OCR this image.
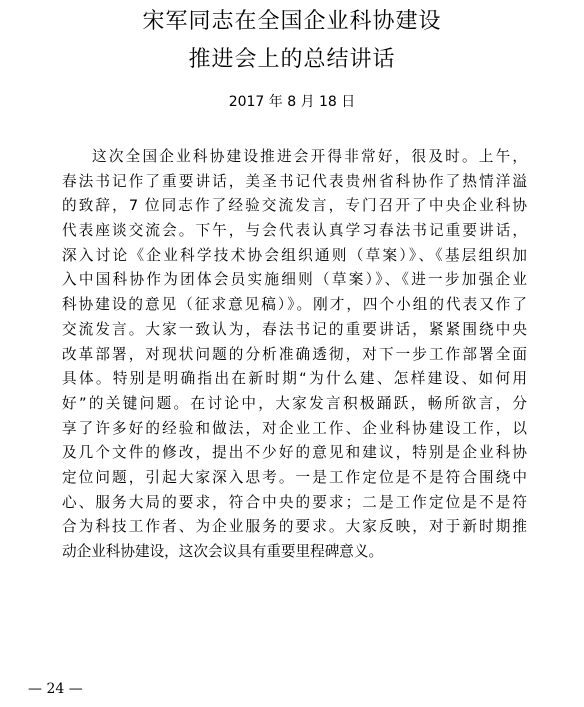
宋军同志在全国企业科协建设
推进会上的总结讲话
2017 年 8 月 18 日
这次全国企业科协建设推进会开得非常好，很及时。上午，
春法书记作了重要讲话，美圣书记代表贵州省科协作了热情洋溢
的致辞，7 位同志作了经验交流发言，专门召开了中央企业科协
代表座谈交流会。下午，与会代表认真学习春法书记重要讲话，
深入讨论《企业科学技术协会组织通则（草案）》、《基层组织加
入中国科协作为团体会员实施细则（草案）》、《进一步加强企业
科协建设的意见（征求意见稿）》。刚才，四个小组的代表又作了
交流发言。大家一致认为，春法书记的重要讲话，紧紧围绕中央
改革部署，对现状问题的分析准确透彻，对下一步工作部署全面
具体。特别是明确指出在新时期“为什么建、怎样建设、如何用
好”的关键问题。在讨论中，大家发言积极踊跃，畅所欲言，分
享了许多好的经验和做法，对企业工作、企业科协建设工作，以
及几个文件的修改，提出不少好的意见和建议，特别是企业科协
定位问题，引起大家深入思考。一是工作定位是不是符合围绕中
心、服务大局的要求，符合中央的要求；二是工作定位是不是符
合为科技工作者、为企业服务的要求。大家反映，对于新时期推
动企业科协建设，这次会议具有重要里程碑意义。
— 24 —
